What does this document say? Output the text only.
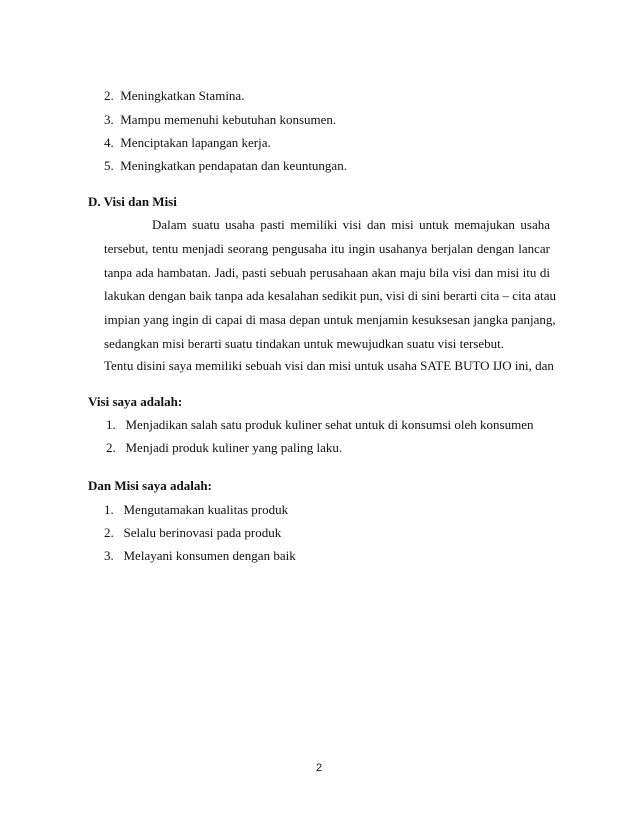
2. Meningkatkan Stamina.
3. Mampu memenuhi kebutuhan konsumen.
4. Menciptakan lapangan kerja.
5. Meningkatkan pendapatan dan keuntungan.
D. Visi dan Misi
Dalam suatu usaha pasti memiliki visi dan misi untuk memajukan usaha
tersebut, tentu menjadi seorang pengusaha itu ingin usahanya berjalan dengan lancar
tanpa ada hambatan. Jadi, pasti sebuah perusahaan akan maju bila visi dan misi itu di
lakukan dengan baik tanpa ada kesalahan sedikit pun, visi di sini berarti cita – cita atau
impian yang ingin di capai di masa depan untuk menjamin kesuksesan jangka panjang,
sedangkan misi berarti suatu tindakan untuk mewujudkan suatu visi tersebut.
Tentu disini saya memiliki sebuah visi dan misi untuk usaha SATE BUTO IJO ini, dan
Visi saya adalah:
1. Menjadikan salah satu produk kuliner sehat untuk di konsumsi oleh konsumen
2. Menjadi produk kuliner yang paling laku.
Dan Misi saya adalah:
1. Mengutamakan kualitas produk
2. Selalu berinovasi pada produk
3. Melayani konsumen dengan baik
2
